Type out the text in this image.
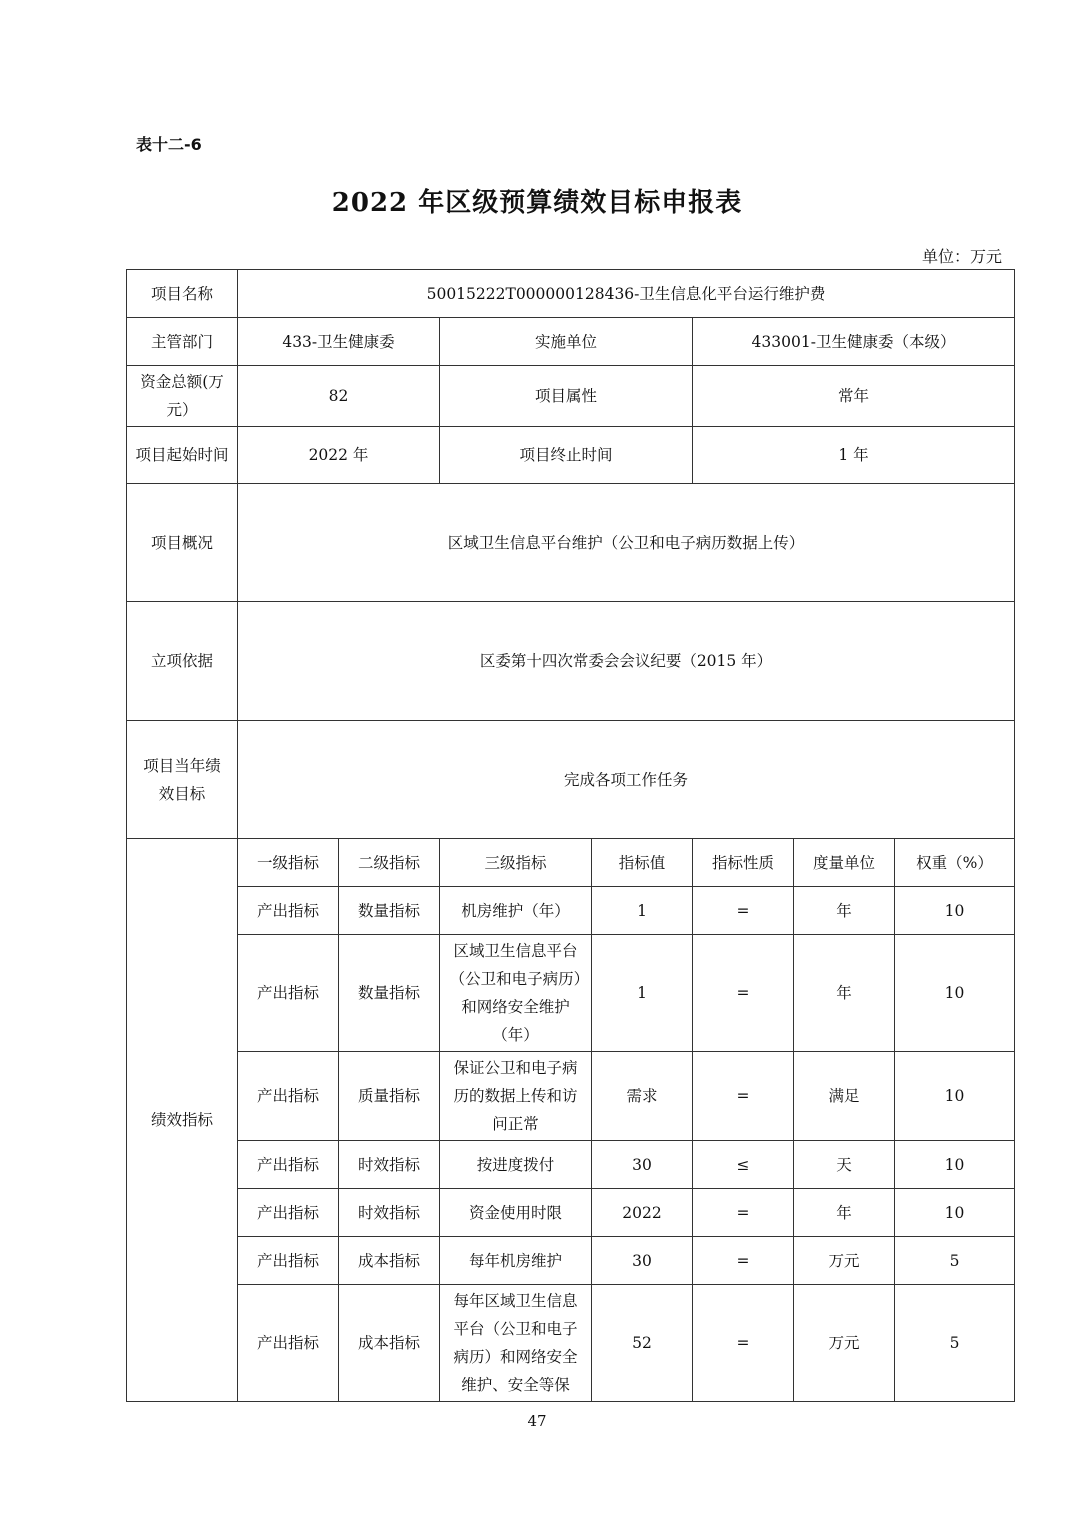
表十二-6
2022 年区级预算绩效目标申报表
单位：万元
项目名称	50015222T000000128436-卫生信息化平台运行维护费						
主管部门	433-卫生健康委		实施单位		433001-卫生健康委（本级）		
资金总额(万元）	82		项目属性		常年		
项目起始时间	2022 年		项目终止时间		1 年		
项目概况	区域卫生信息平台维护（公卫和电子病历数据上传）						
立项依据	区委第十四次常委会会议纪要（2015 年）						
项目当年绩效目标	完成各项工作任务						
绩效指标	一级指标	二级指标	三级指标	指标值	指标性质	度量单位	权重（%）
	产出指标	数量指标	机房维护（年）	1	=	年	10
	产出指标	数量指标	区域卫生信息平台（公卫和电子病历）和网络安全维护（年）	1	=	年	10
	产出指标	质量指标	保证公卫和电子病历的数据上传和访问正常	需求	=	满足	10
	产出指标	时效指标	按进度拨付	30	≤	天	10
	产出指标	时效指标	资金使用时限	2022	=	年	10
	产出指标	成本指标	每年机房维护	30	=	万元	5
	产出指标	成本指标	每年区域卫生信息平台（公卫和电子病历）和网络安全维护、安全等保	52	=	万元	5
47
